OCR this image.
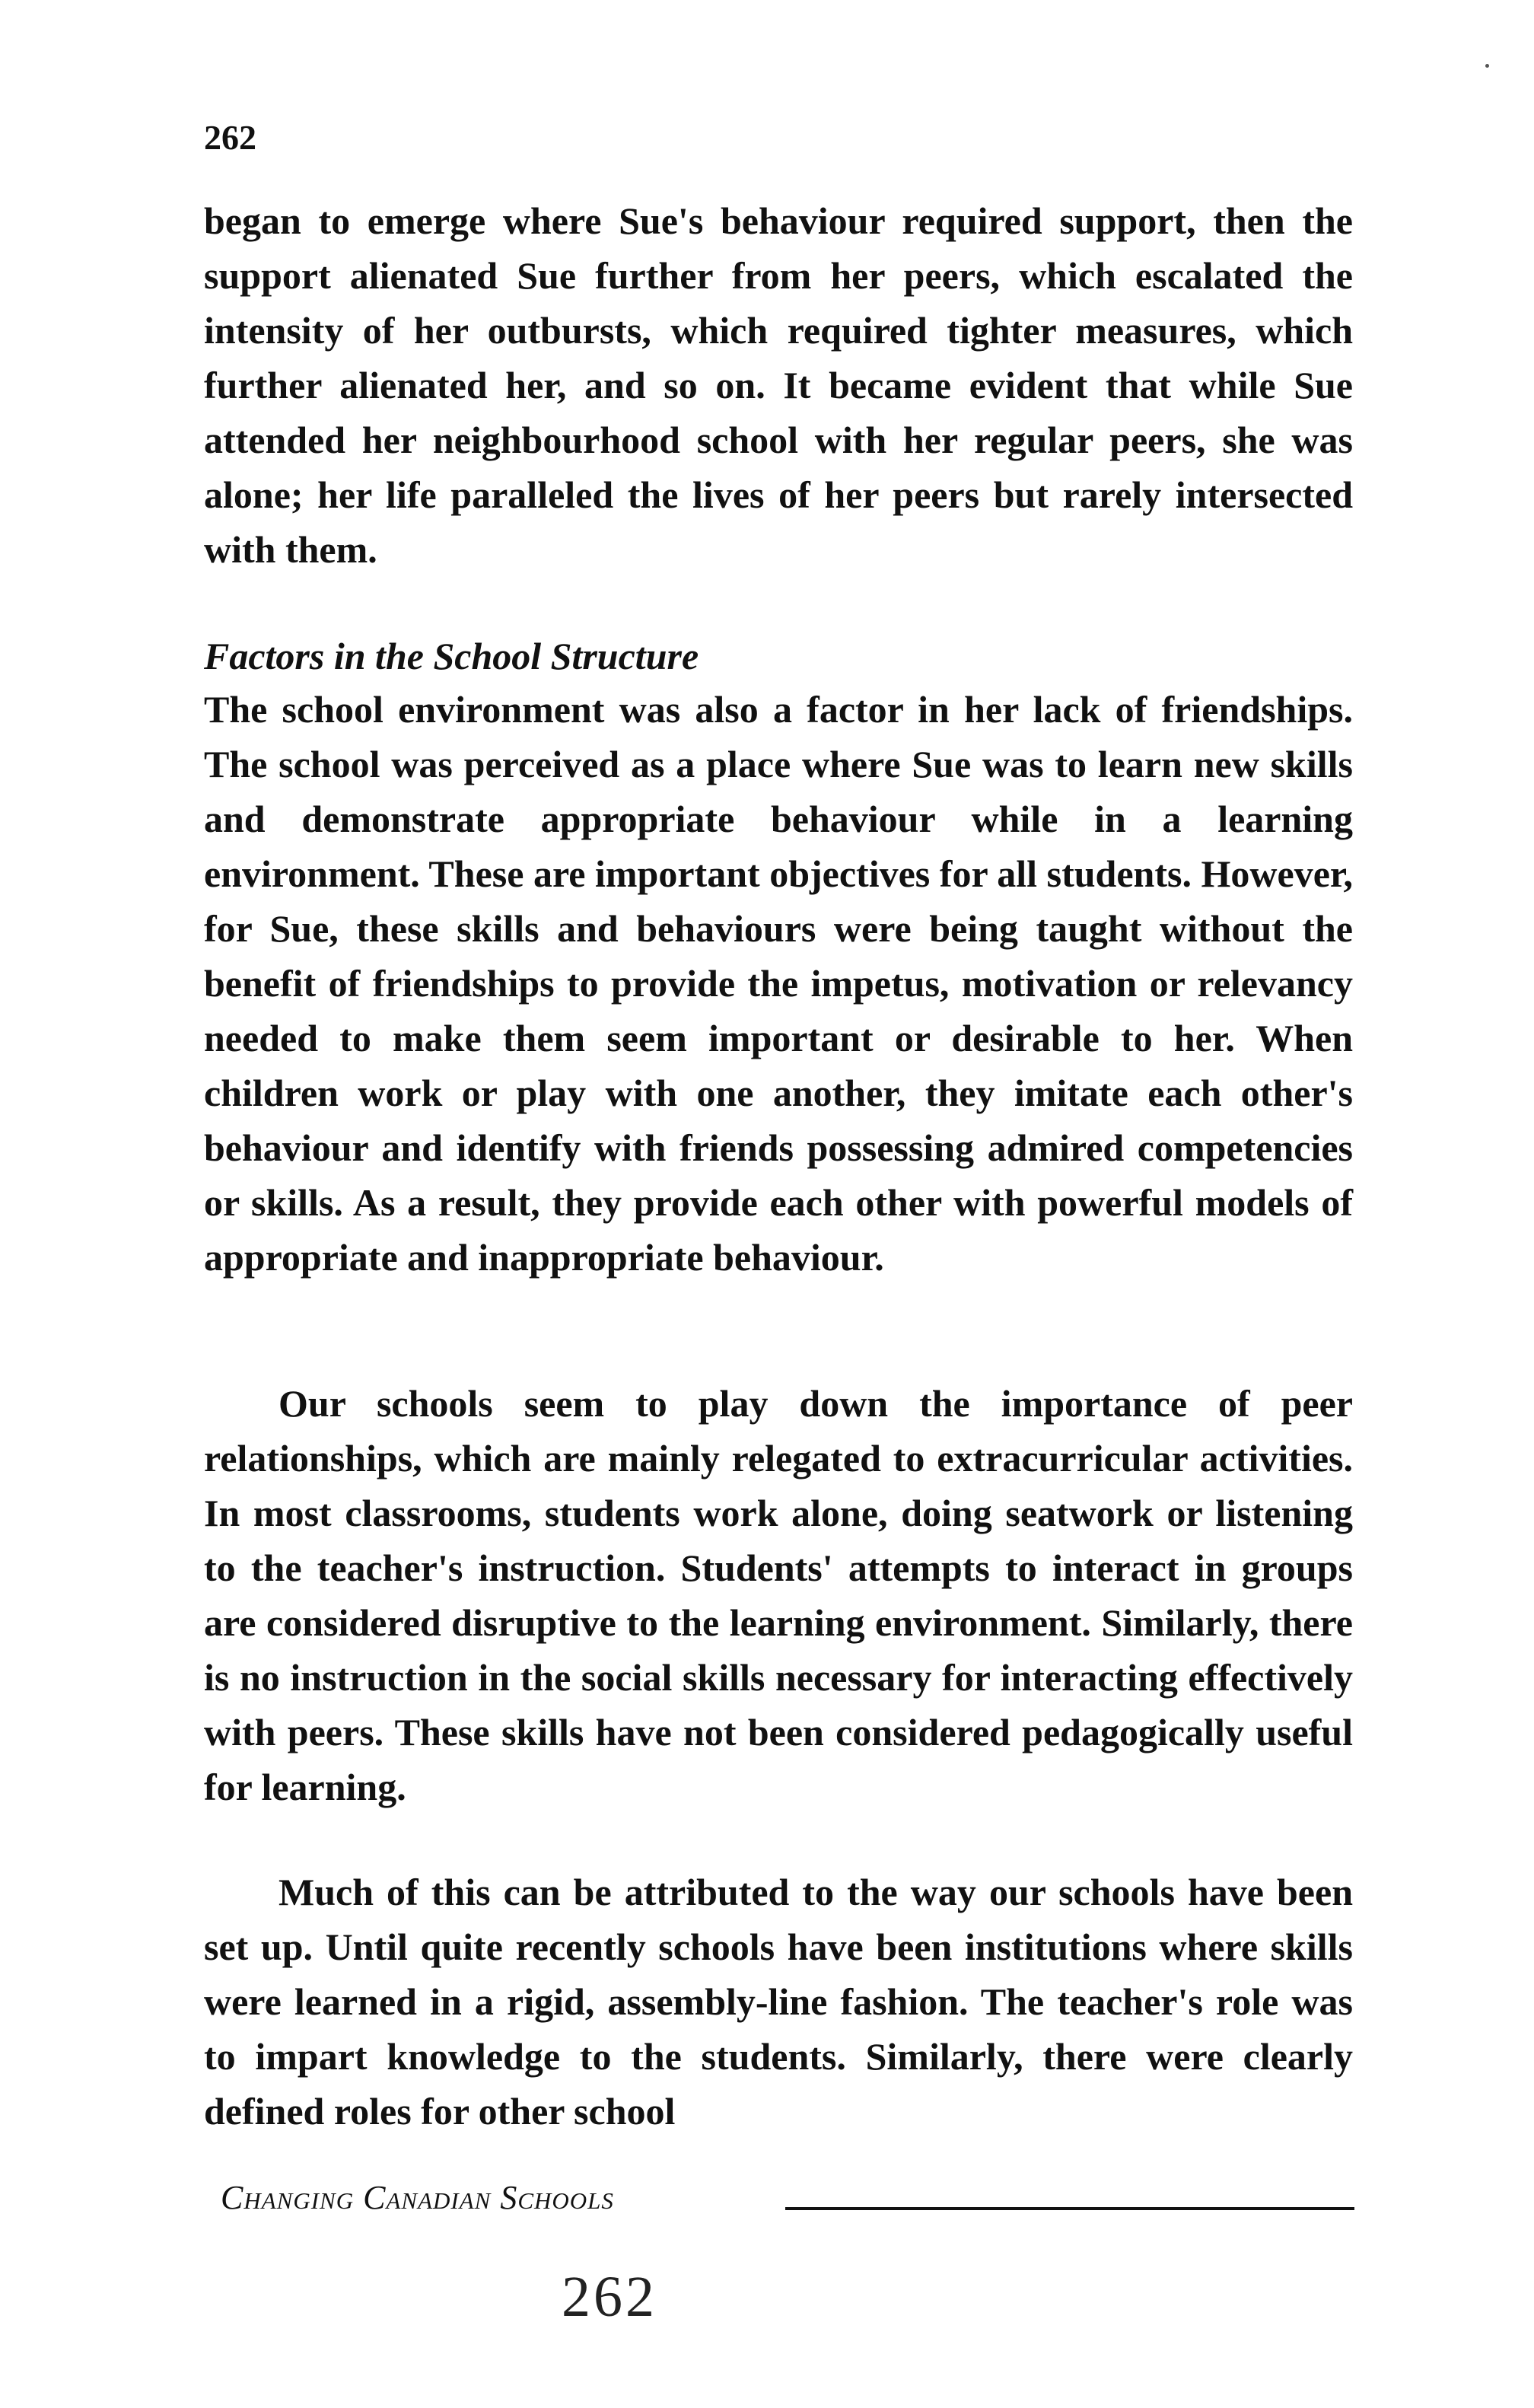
262

began to emerge where Sue's behaviour required support, then the support alienated Sue further from her peers, which escalated the intensity of her outbursts, which required tighter measures, which further alienated her, and so on. It became evident that while Sue attended her neighbourhood school with her regular peers, she was alone; her life paralleled the lives of her peers but rarely intersected with them.

Factors in the School Structure

The school environment was also a factor in her lack of friendships. The school was perceived as a place where Sue was to learn new skills and demonstrate appropriate behaviour while in a learning environment. These are important objectives for all students. However, for Sue, these skills and behaviours were being taught without the benefit of friendships to provide the impetus, motivation or relevancy needed to make them seem important or desirable to her. When children work or play with one another, they imitate each other's behaviour and identify with friends possessing admired competencies or skills. As a result, they provide each other with powerful models of appropriate and inappropriate behaviour.

Our schools seem to play down the importance of peer relationships, which are mainly relegated to extracurricular activities. In most classrooms, students work alone, doing seatwork or listening to the teacher's instruction. Students' attempts to interact in groups are considered disruptive to the learning environment. Similarly, there is no instruction in the social skills necessary for interacting effectively with peers. These skills have not been considered pedagogically useful for learning.

Much of this can be attributed to the way our schools have been set up. Until quite recently schools have been institutions where skills were learned in a rigid, assembly-line fashion. The teacher's role was to impart knowledge to the students. Similarly, there were clearly defined roles for other school

Changing Canadian Schools
262
